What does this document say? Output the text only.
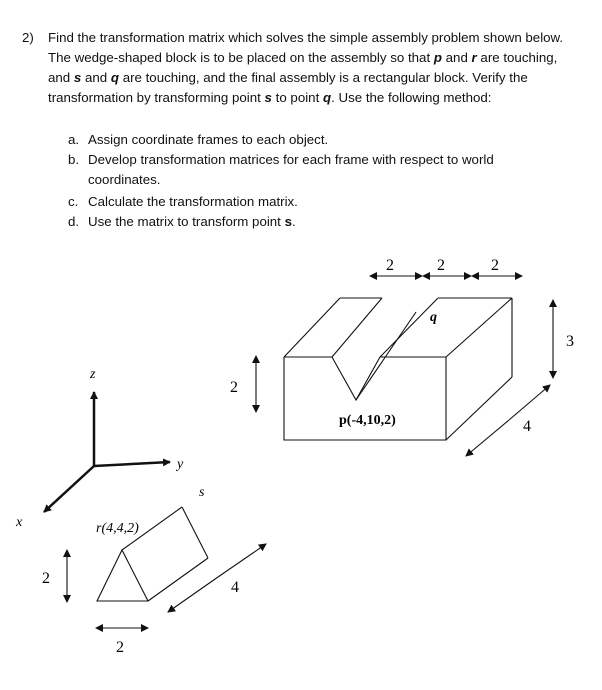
2) Find the transformation matrix which solves the simple assembly problem shown below. The wedge-shaped block is to be placed on the assembly so that p and r are touching, and s and q are touching, and the final assembly is a rectangular block. Verify the transformation by transforming point s to point q. Use the following method:
a. Assign coordinate frames to each object.
b. Develop transformation matrices for each frame with respect to world coordinates.
c. Calculate the transformation matrix.
d. Use the matrix to transform point s.
z
y
x	r(4,4,2)
s
2
2
4
p(-4,10,2)
q
2	2	2
2
3
4
